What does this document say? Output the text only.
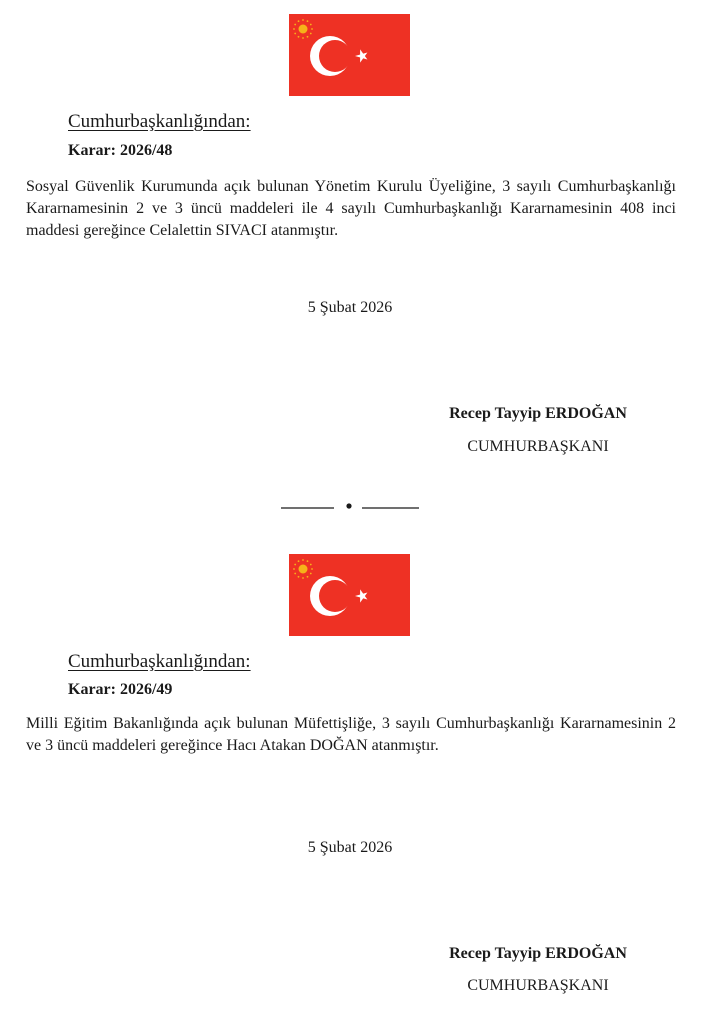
Cumhurbaşkanlığından:
Karar: 2026/48
Sosyal Güvenlik Kurumunda açık bulunan Yönetim Kurulu Üyeliğine, 3 sayılı Cumhurbaşkanlığı Kararnamesinin 2 ve 3 üncü maddeleri ile 4 sayılı Cumhurbaşkanlığı Kararnamesinin 408 inci maddesi gereğince Celalettin SIVACI atanmıştır.
5 Şubat 2026
Recep Tayyip ERDOĞAN
CUMHURBAŞKANI
Cumhurbaşkanlığından:
Karar: 2026/49
Milli Eğitim Bakanlığında açık bulunan Müfettişliğe, 3 sayılı Cumhurbaşkanlığı Kararnamesinin 2 ve 3 üncü maddeleri gereğince Hacı Atakan DOĞAN atanmıştır.
5 Şubat 2026
Recep Tayyip ERDOĞAN
CUMHURBAŞKANI
